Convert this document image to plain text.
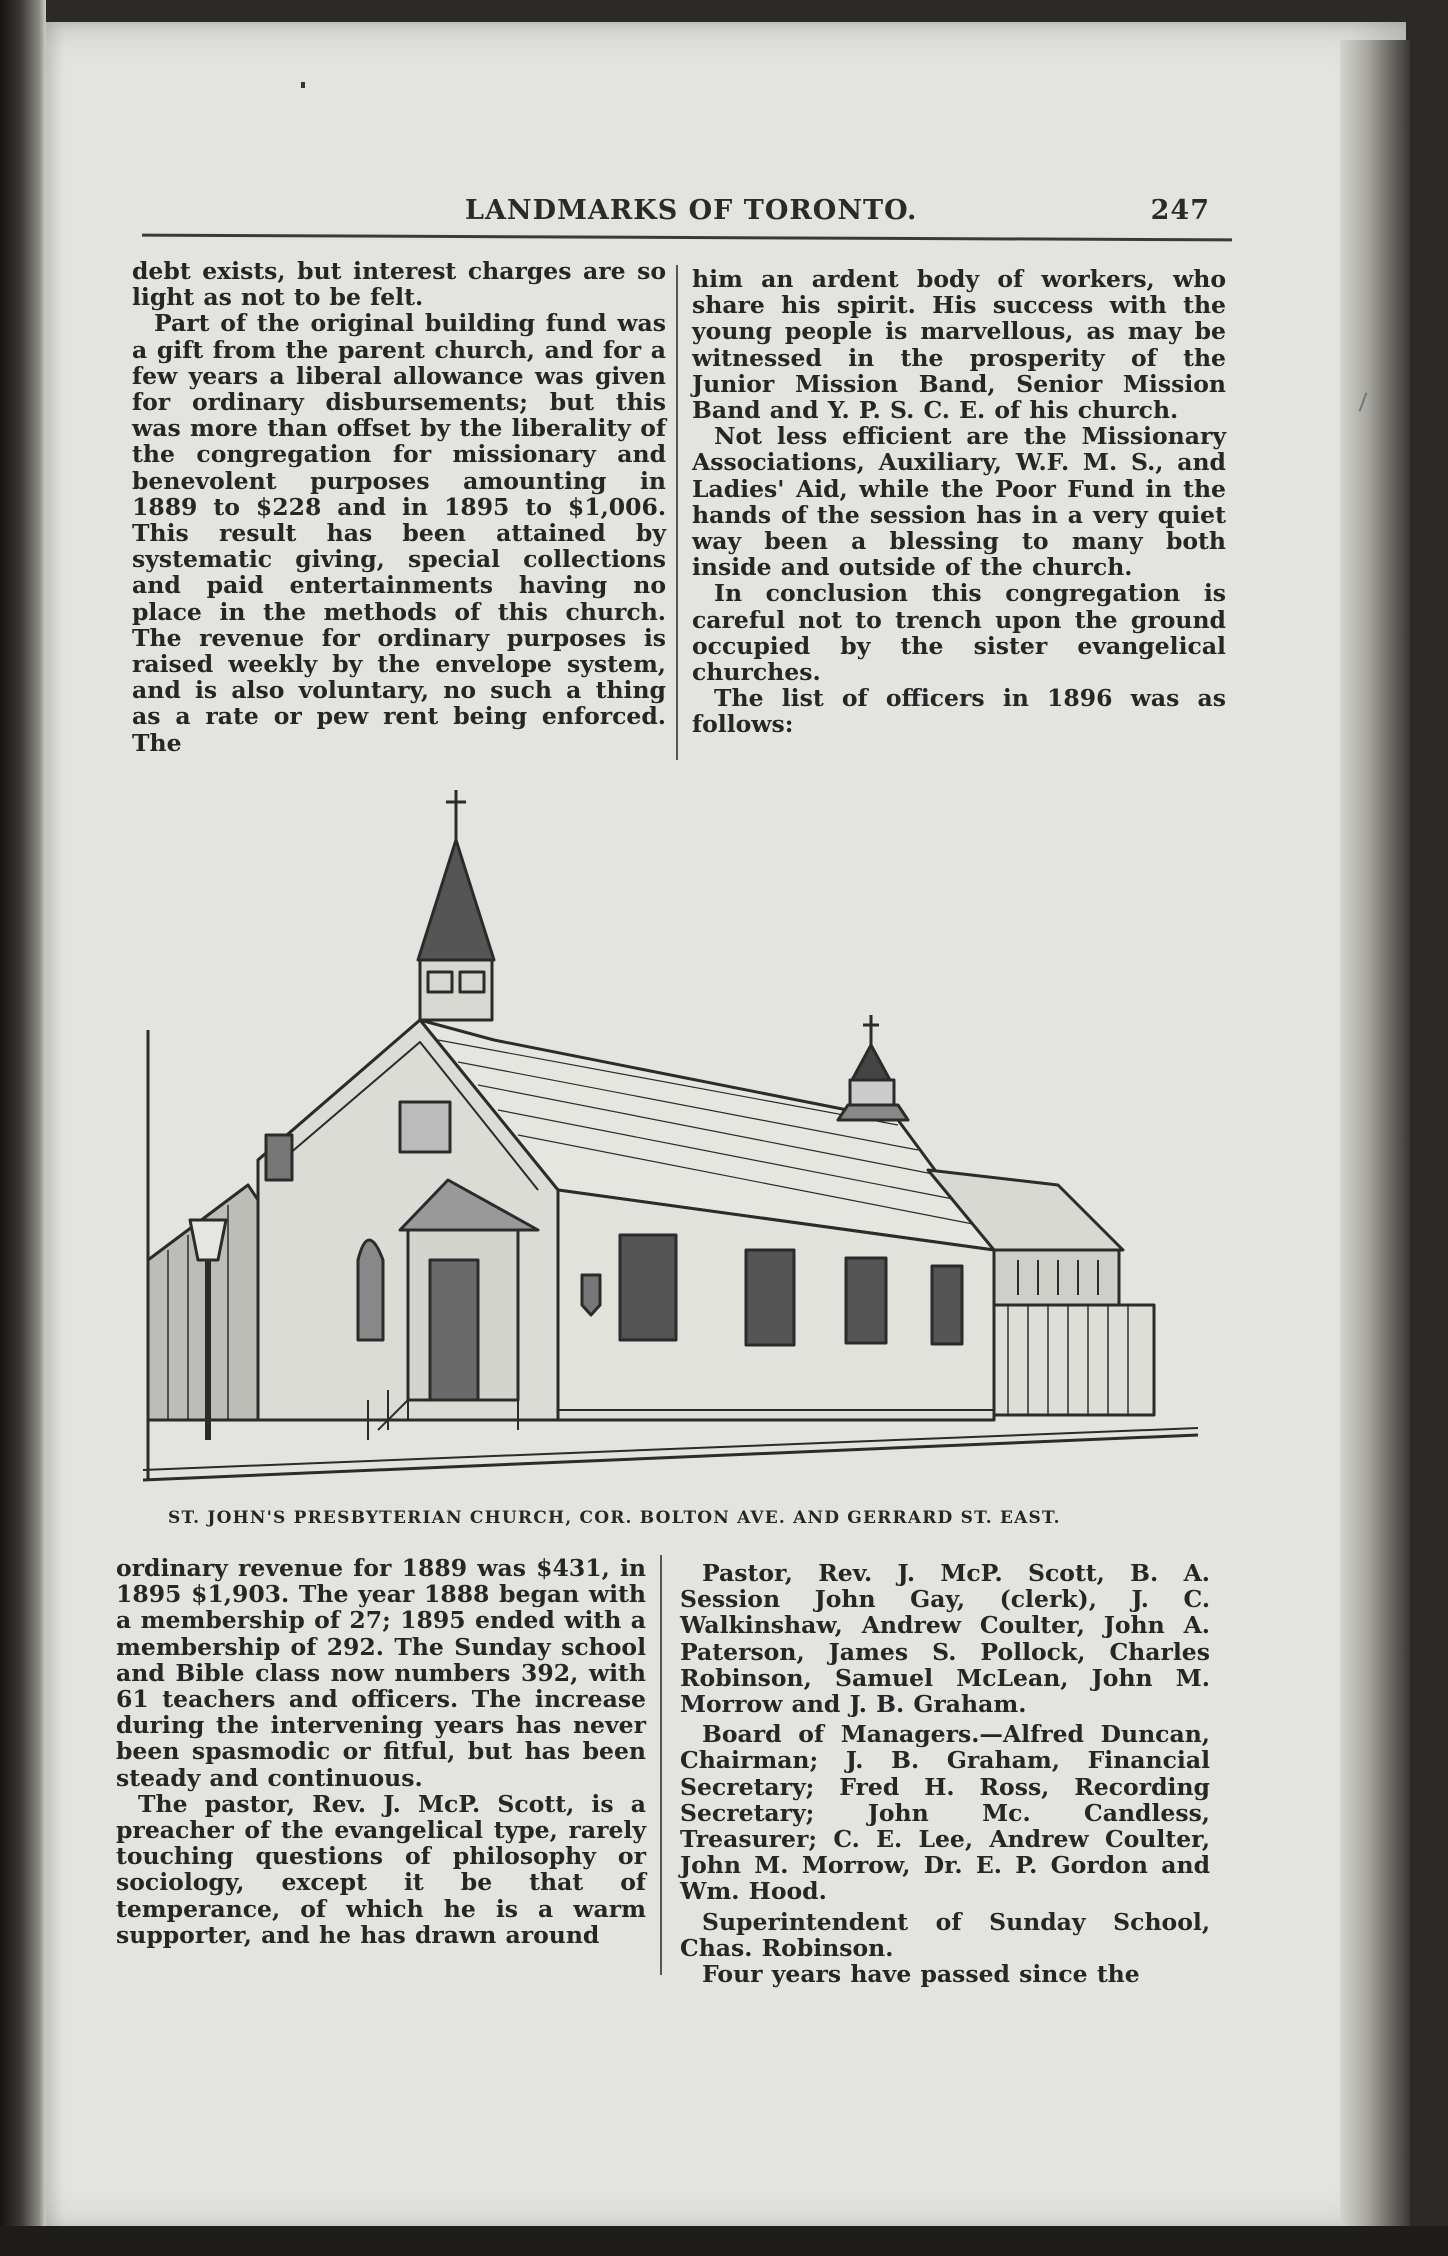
LANDMARKS OF TORONTO.	247

debt exists, but interest charges are so light as not to be felt.

Part of the original building fund was a gift from the parent church, and for a few years a liberal allowance was given for ordinary disbursements; but this was more than offset by the liberality of the congregation for missionary and benevolent purposes amounting in 1889 to $228 and in 1895 to $1,006. This result has been attained by systematic giving, special collections and paid entertainments having no place in the methods of this church. The revenue for ordinary purposes is raised weekly by the envelope system, and is also voluntary, no such a thing as a rate or pew rent being enforced. The

him an ardent body of workers, who share his spirit. His success with the young people is marvellous, as may be witnessed in the prosperity of the Junior Mission Band, Senior Mission Band and Y. P. S. C. E. of his church.

Not less efficient are the Missionary Associations, Auxiliary, W.F. M. S., and Ladies' Aid, while the Poor Fund in the hands of the session has in a very quiet way been a blessing to many both inside and outside of the church.

In conclusion this congregation is careful not to trench upon the ground occupied by the sister evangelical churches.

The list of officers in 1896 was as follows:

ST. JOHN'S PRESBYTERIAN CHURCH, COR. BOLTON AVE. AND GERRARD ST. EAST.

ordinary revenue for 1889 was $431, in 1895 $1,903. The year 1888 began with a membership of 27; 1895 ended with a membership of 292. The Sunday school and Bible class now numbers 392, with 61 teachers and officers. The increase during the intervening years has never been spasmodic or fitful, but has been steady and continuous.

The pastor, Rev. J. McP. Scott, is a preacher of the evangelical type, rarely touching questions of philosophy or sociology, except it be that of temperance, of which he is a warm supporter, and he has drawn around

Pastor, Rev. J. McP. Scott, B. A. Session John Gay, (clerk), J. C. Walkinshaw, Andrew Coulter, John A. Paterson, James S. Pollock, Charles Robinson, Samuel McLean, John M. Morrow and J. B. Graham.

Board of Managers.—Alfred Duncan, Chairman; J. B. Graham, Financial Secretary; Fred H. Ross, Recording Secretary; John Mc. Candless, Treasurer; C. E. Lee, Andrew Coulter, John M. Morrow, Dr. E. P. Gordon and Wm. Hood.

Superintendent of Sunday School, Chas. Robinson.

Four years have passed since the
